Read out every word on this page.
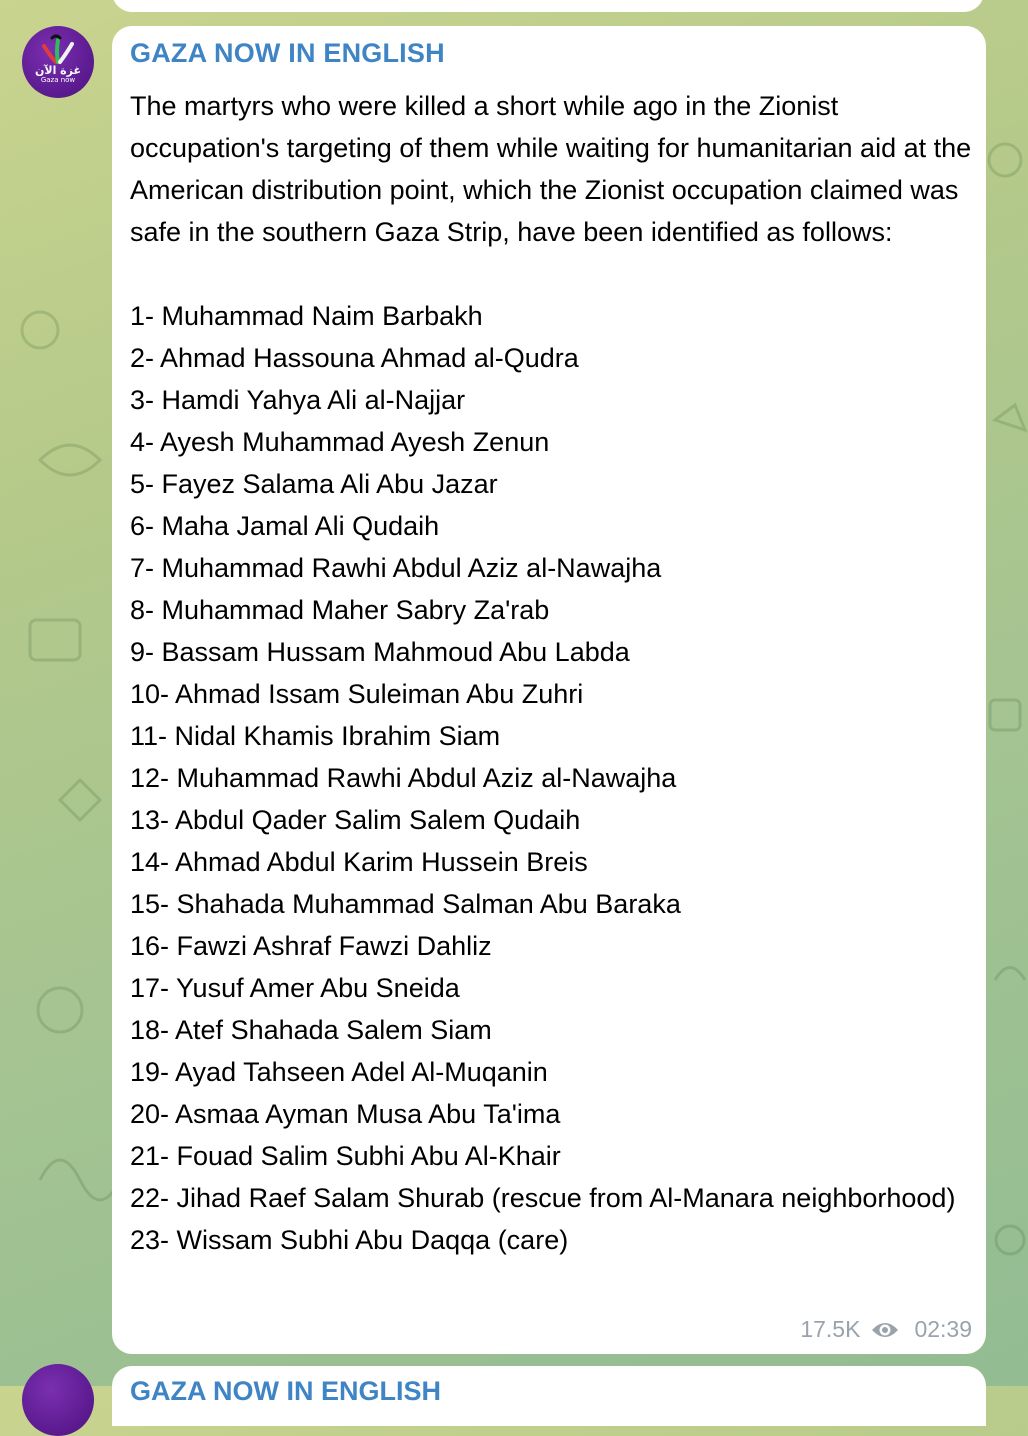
غزة الآن
Gaza now
GAZA NOW IN ENGLISH

The martyrs who were killed a short while ago in the Zionist occupation's targeting of them while waiting for humanitarian aid at the American distribution point, which the Zionist occupation claimed was safe in the southern Gaza Strip, have been identified as follows:

1- Muhammad Naim Barbakh
2- Ahmad Hassouna Ahmad al-Qudra
3- Hamdi Yahya Ali al-Najjar
4- Ayesh Muhammad Ayesh Zenun
5- Fayez Salama Ali Abu Jazar
6- Maha Jamal Ali Qudaih
7- Muhammad Rawhi Abdul Aziz al-Nawajha
8- Muhammad Maher Sabry Za'rab
9- Bassam Hussam Mahmoud Abu Labda
10- Ahmad Issam Suleiman Abu Zuhri
11- Nidal Khamis Ibrahim Siam
12- Muhammad Rawhi Abdul Aziz al-Nawajha
13- Abdul Qader Salim Salem Qudaih
14- Ahmad Abdul Karim Hussein Breis
15- Shahada Muhammad Salman Abu Baraka
16- Fawzi Ashraf Fawzi Dahliz
17- Yusuf Amer Abu Sneida
18- Atef Shahada Salem Siam
19- Ayad Tahseen Adel Al-Muqanin
20- Asmaa Ayman Musa Abu Ta'ima
21- Fouad Salim Subhi Abu Al-Khair
22- Jihad Raef Salam Shurab (rescue from Al-Manara neighborhood)
23- Wissam Subhi Abu Daqqa (care)
17.5K 02:39
GAZA NOW IN ENGLISH
